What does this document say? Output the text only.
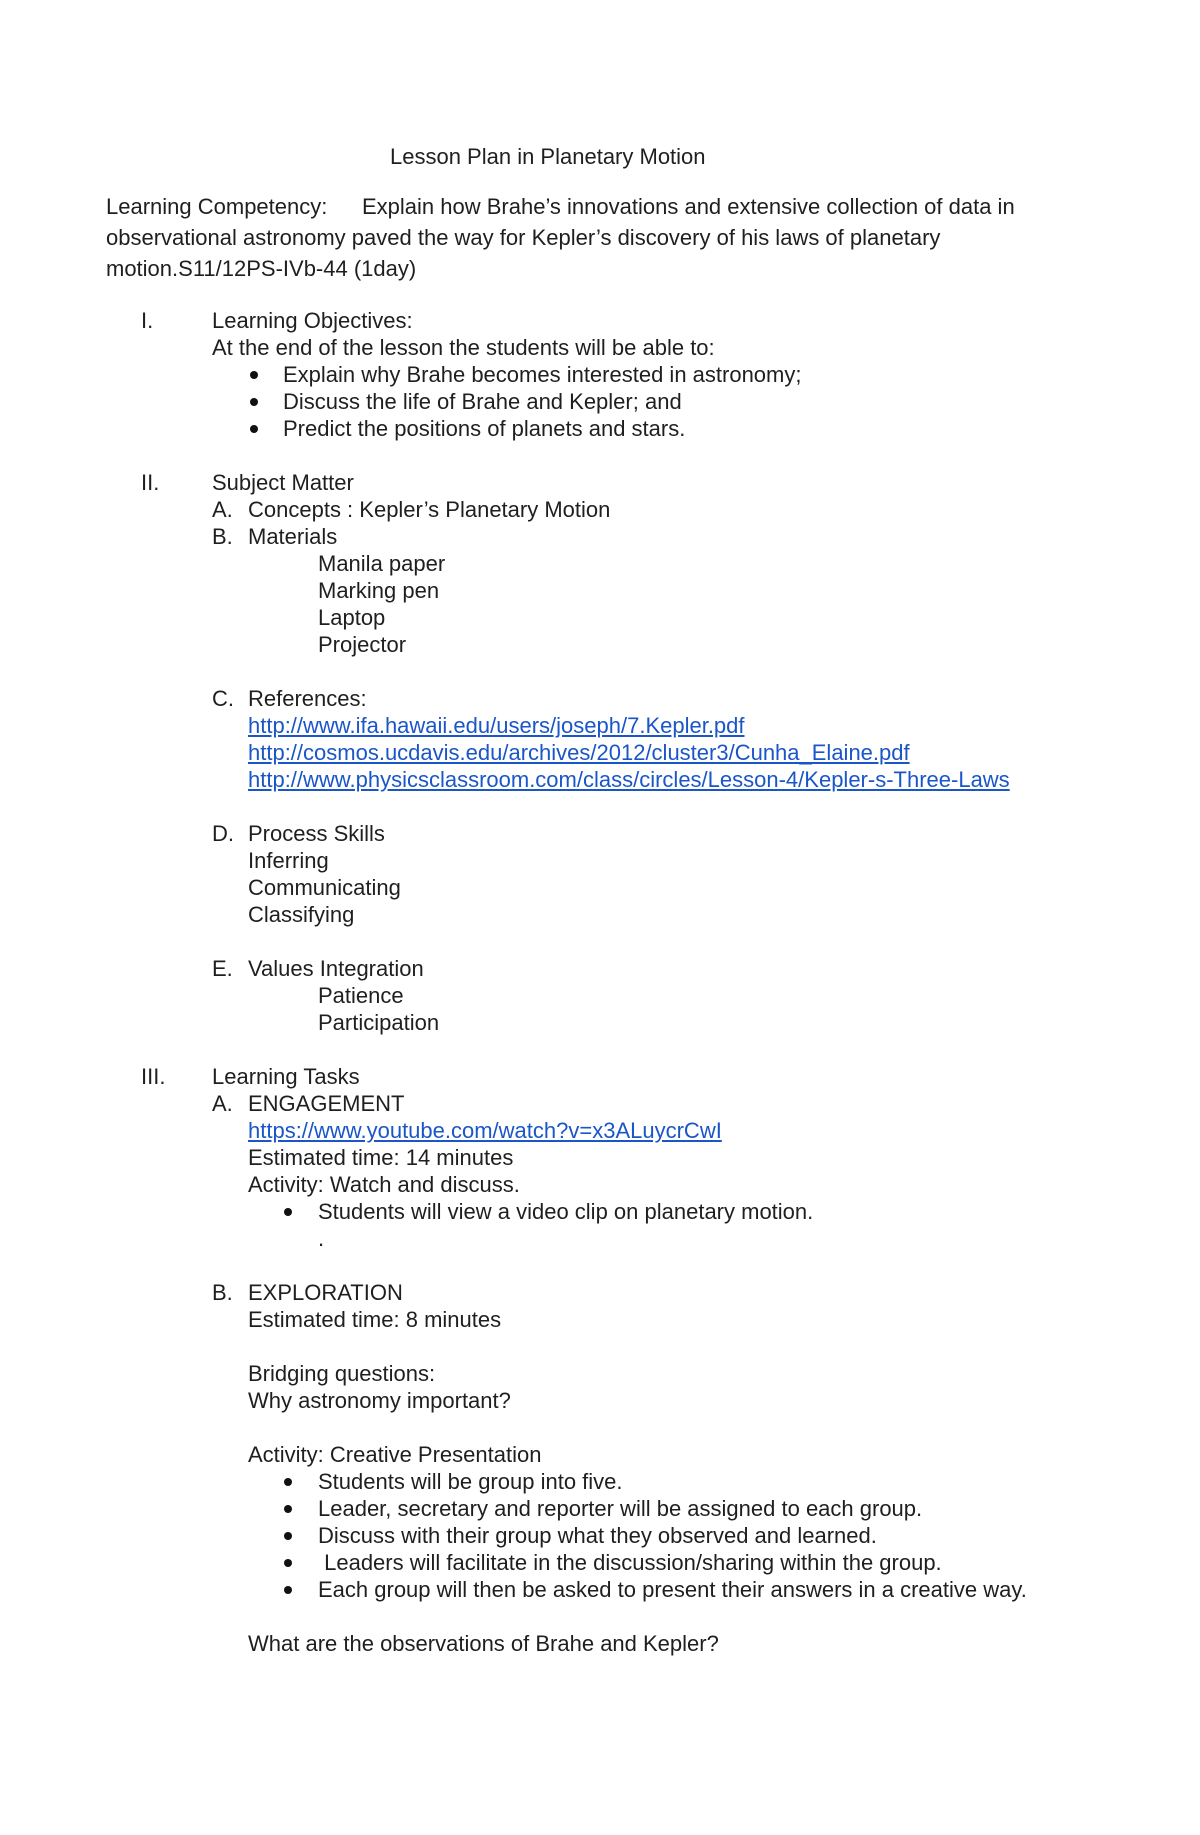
Lesson Plan in Planetary Motion
Learning Competency: Explain how Brahe’s innovations and extensive collection of data in
observational astronomy paved the way for Kepler’s discovery of his laws of planetary
motion.S11/12PS-IVb-44 (1day)
I.	Learning Objectives:
At the end of the lesson the students will be able to:
Explain why Brahe becomes interested in astronomy;
Discuss the life of Brahe and Kepler; and
Predict the positions of planets and stars.
II. Subject Matter
A. Concepts : Kepler’s Planetary Motion
B. Materials
Manila paper
Marking pen
Laptop
Projector
C. References:
http://www.ifa.hawaii.edu/users/joseph/7.Kepler.pdf
http://cosmos.ucdavis.edu/archives/2012/cluster3/Cunha_Elaine.pdf
http://www.physicsclassroom.com/class/circles/Lesson-4/Kepler-s-Three-Laws
D. Process Skills
Inferring
Communicating
Classifying
E. Values Integration
Patience
Participation
III. Learning Tasks
A. ENGAGEMENT
https://www.youtube.com/watch?v=x3ALuycrCwI
Estimated time: 14 minutes
Activity: Watch and discuss.
Students will view a video clip on planetary motion.
.
B. EXPLORATION
Estimated time: 8 minutes
Bridging questions:
Why astronomy important?
Activity: Creative Presentation
Students will be group into five.
Leader, secretary and reporter will be assigned to each group.
Discuss with their group what they observed and learned.
Leaders will facilitate in the discussion/sharing within the group.
Each group will then be asked to present their answers in a creative way.
What are the observations of Brahe and Kepler?
